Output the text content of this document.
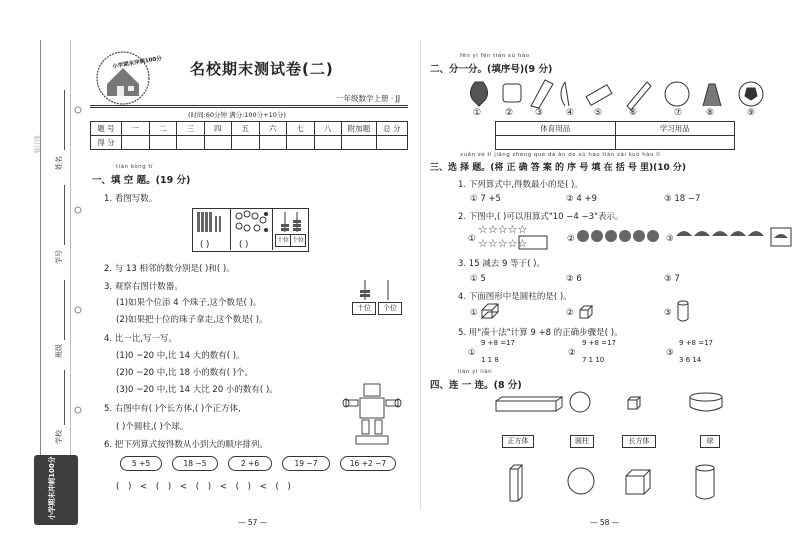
姓名
学号
班级
学校
装订线
小学期末冲刺100分
小学期末冲刺100分 名校期末测试卷(二)
一年级数学上册 · JJ
(时间:60分钟 满分:100分+10分)
题 号	一	二	三	四	五	六	七	八	附加题	总 分
得 分										
tián kòng tí
一、填 空 题。(19 分)
1. 看图写数。
十位 个位
( )	( )
2. 与 13 相邻的数分别是( )和( )。
3. 观察右图计数器。
(1)如果个位添 4 个珠子,这个数是( )。
(2)如果把十位的珠子拿走,这个数是( )。
十位	个位
4. 比一比,写一写。
(1)0 ~20 中,比 14 大的数有( )。
(2)0 ~20 中,比 18 小的数有( )个。
(3)0 ~20 中,比 14 大比 20 小的数有( )。
5. 右图中有( )个长方体,( )个正方体,
( )个圆柱,( )个球。
6. 把下列算式按得数从小到大的顺序排列。
5 +5	18 −5	2 +6	19 −7	16 +2 −7
( ) < ( ) < ( ) < ( ) < ( )
— 57 —
fēn yi fēn tián xù hào
二、分一分。(填序号)(9 分)
①	② ③	④ ⑤	⑥	⑦	⑧	⑨
体育用品	学习用品

xuǎn zé tí jiāng zhèng què dá àn de xù hào tián zài kuò hào lǐ
三、选 择 题。(将 正 确 答 案 的 序 号 填 在 括 号 里)(10 分)
1. 下列算式中,得数最小的是( )。
① 7 +5	② 4 +9	③ 18 −7
2. 下图中,( )可以用算式"10 −4 −3"表示。
①
☆☆☆☆☆
☆☆☆☆☆	②	③
3. 15 减去 9 等于( )。
① 5	② 6	③ 7
4. 下面图形中是圆柱的是( )。
①	②	③
5. 用"凑十法"计算 9 +8 的正确步骤是( )。
①
9 +8 =17
1 1 8
②
9 +8 =17
7 1 10
③
9 +8 =17
3 6 14
lián yi lián
四、连 一 连。(8 分)
正方体	圆柱	长方体	球
— 58 —
